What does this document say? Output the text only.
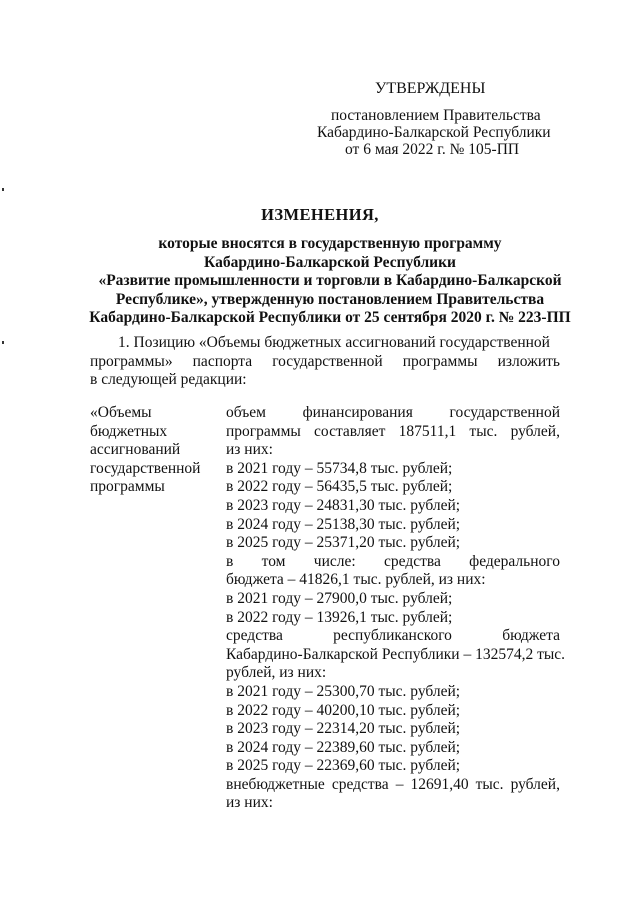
УТВЕРЖДЕНЫ
постановлением Правительства
Кабардино-Балкарской Республики
от 6 мая 2022 г. № 105-ПП
ИЗМЕНЕНИЯ,
которые вносятся в государственную программу
Кабардино-Балкарской Республики
«Развитие промышленности и торговли в Кабардино-Балкарской
Республике», утвержденную постановлением Правительства
Кабардино-Балкарской Республики от 25 сентября 2020 г. № 223-ПП
1. Позицию «Объемы бюджетных ассигнований государственной
программы» паспорта государственной программы изложить
в следующей редакции:
«Объемы
бюджетных
ассигнований
государственной
программы
объем финансирования государственной
программы составляет 187511,1 тыс. рублей,
из них:
в 2021 году – 55734,8 тыс. рублей;
в 2022 году – 56435,5 тыс. рублей;
в 2023 году – 24831,30 тыс. рублей;
в 2024 году – 25138,30 тыс. рублей;
в 2025 году – 25371,20 тыс. рублей;
в том числе: средства федерального
бюджета – 41826,1 тыс. рублей, из них:
в 2021 году – 27900,0 тыс. рублей;
в 2022 году – 13926,1 тыс. рублей;
средства	республиканского	бюджета
Кабардино-Балкарской Республики – 132574,2 тыс.
рублей, из них:
в 2021 году – 25300,70 тыс. рублей;
в 2022 году – 40200,10 тыс. рублей;
в 2023 году – 22314,20 тыс. рублей;
в 2024 году – 22389,60 тыс. рублей;
в 2025 году – 22369,60 тыс. рублей;
внебюджетные средства – 12691,40 тыс. рублей,
из них:
